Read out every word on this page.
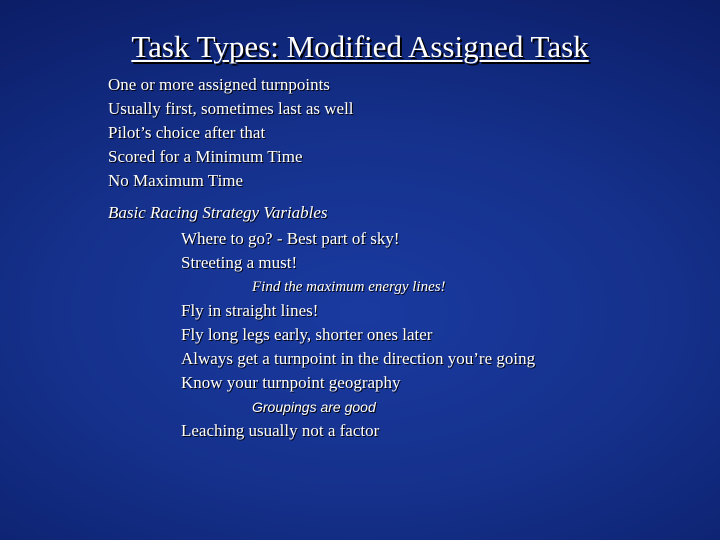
Task Types: Modified Assigned Task

One or more assigned turnpoints

Usually first, sometimes last as well

Pilot’s choice after that

Scored for a Minimum Time

No Maximum Time

Basic Racing Strategy Variables

Where to go? - Best part of sky!

Streeting a must!

Find the maximum energy lines!

Fly in straight lines!

Fly long legs early, shorter ones later

Always get a turnpoint in the direction you’re going

Know your turnpoint geography

Groupings are good

Leaching usually not a factor
